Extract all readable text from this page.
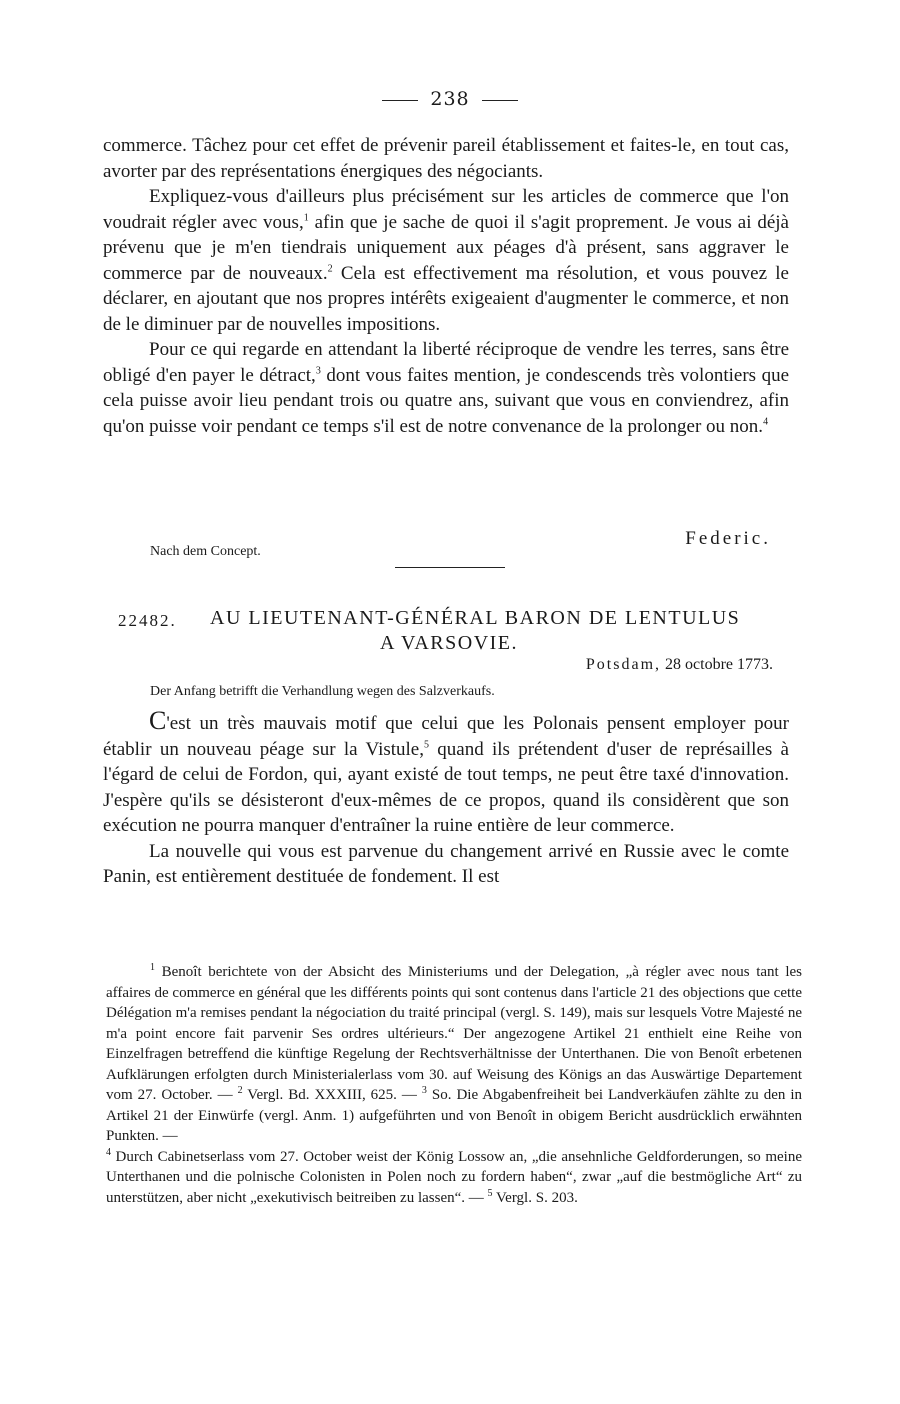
238

commerce. Tâchez pour cet effet de prévenir pareil établissement et faites-le, en tout cas, avorter par des représentations énergiques des négociants.

Expliquez-vous d'ailleurs plus précisément sur les articles de commerce que l'on voudrait régler avec vous,$^1$ afin que je sache de quoi il s'agit proprement. Je vous ai déjà prévenu que je m'en tiendrais uniquement aux péages d'à présent, sans aggraver le commerce par de nouveaux.$^2$ Cela est effectivement ma résolution, et vous pouvez le déclarer, en ajoutant que nos propres intérêts exigeaient d'augmenter le commerce, et non de le diminuer par de nouvelles impositions.

Pour ce qui regarde en attendant la liberté réciproque de vendre les terres, sans être obligé d'en payer le détract,$^3$ dont vous faites mention, je condescends très volontiers que cela puisse avoir lieu pendant trois ou quatre ans, suivant que vous en conviendrez, afin qu'on puisse voir pendant ce temps s'il est de notre convenance de la prolonger ou non.$^4$

Nach dem Concept.
Federic.
22482. AU LIEUTENANT-GÉNÉRAL BARON DE LENTULUS
A VARSOVIE.
Potsdam, 28 octobre 1773.
Der Anfang betrifft die Verhandlung wegen des Salzverkaufs.

C'est un très mauvais motif que celui que les Polonais pensent employer pour établir un nouveau péage sur la Vistule,$^5$ quand ils prétendent d'user de représailles à l'égard de celui de Fordon, qui, ayant existé de tout temps, ne peut être taxé d'innovation. J'espère qu'ils se désisteront d'eux-mêmes de ce propos, quand ils considèrent que son exécution ne pourra manquer d'entraîner la ruine entière de leur commerce.

La nouvelle qui vous est parvenue du changement arrivé en Russie avec le comte Panin, est entièrement destituée de fondement. Il est

$^1$ Benoît berichtete von der Absicht des Ministeriums und der Delegation, „à régler avec nous tant les affaires de commerce en général que les différents points qui sont contenus dans l'article 21 des objections que cette Délégation m'a remises pendant la négociation du traité principal (vergl. S. 149), mais sur lesquels Votre Majesté ne m'a point encore fait parvenir Ses ordres ultérieurs.“ Der angezogene Artikel 21 enthielt eine Reihe von Einzelfragen betreffend die künftige Regelung der Rechtsverhältnisse der Unterthanen. Die von Benoît erbetenen Aufklärungen erfolgten durch Ministerialerlass vom 30. auf Weisung des Königs an das Auswärtige Departement vom 27. October. — $^2$ Vergl. Bd. XXXIII, 625. — $^3$ So. Die Abgabenfreiheit bei Landverkäufen zählte zu den in Artikel 21 der Einwürfe (vergl. Anm. 1) aufgeführten und von Benoît in obigem Bericht ausdrücklich erwähnten Punkten. —
$^4$ Durch Cabinetserlass vom 27. October weist der König Lossow an, „die ansehnliche Geldforderungen, so meine Unterthanen und die polnische Colonisten in Polen noch zu fordern haben“, zwar „auf die bestmögliche Art“ zu unterstützen, aber nicht „exekutivisch beitreiben zu lassen“. — $^5$ Vergl. S. 203.
